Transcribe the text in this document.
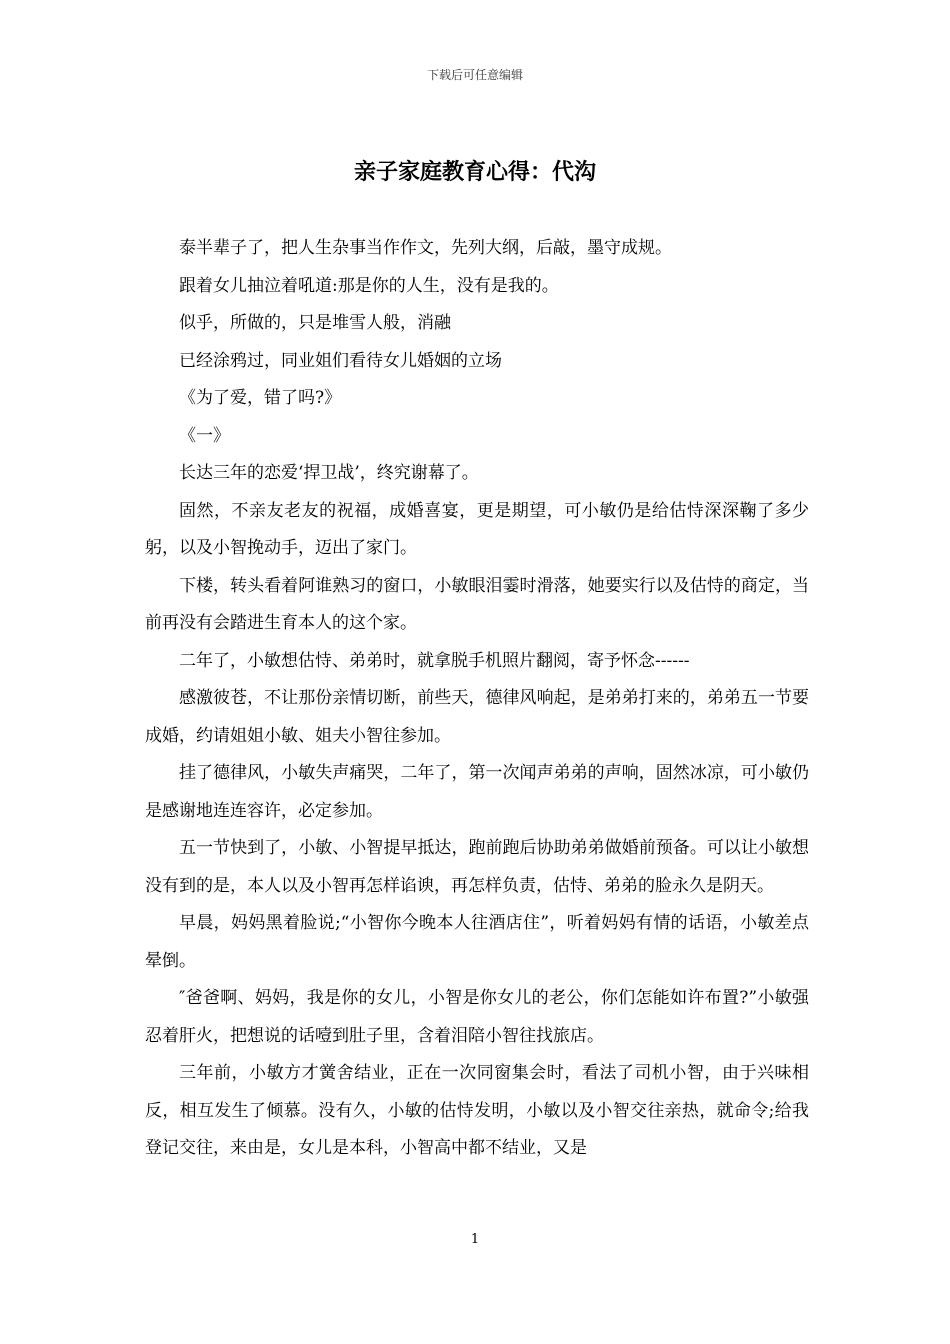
下载后可任意编辑
亲子家庭教育心得：代沟

泰半辈子了，把人生杂事当作作文，先列大纲，后敲，墨守成规。

跟着女儿抽泣着吼道:那是你的人生，没有是我的。

似乎，所做的，只是堆雪人般，消融

已经涂鸦过，同业姐们看待女儿婚姻的立场

《为了爱，错了吗?》

《一》

长达三年的恋爱‘捍卫战’，终究谢幕了。

固然，不亲友老友的祝福，成婚喜宴，更是期望，可小敏仍是给估恃深深鞠了多少躬，以及小智挽动手，迈出了家门。

下楼，转头看着阿谁熟习的窗口，小敏眼泪霎时滑落，她要实行以及估恃的商定，当前再没有会踏进生育本人的这个家。

二年了，小敏想估恃、弟弟时，就拿脱手机照片翻阅，寄予怀念------

感激彼苍，不让那份亲情切断，前些天，德律风响起，是弟弟打来的，弟弟五一节要成婚，约请姐姐小敏、姐夫小智往参加。

挂了德律风，小敏失声痛哭，二年了，第一次闻声弟弟的声响，固然冰凉，可小敏仍是感谢地连连容许，必定参加。

五一节快到了，小敏、小智提早抵达，跑前跑后协助弟弟做婚前预备。可以让小敏想没有到的是，本人以及小智再怎样谄谀，再怎样负责，估恃、弟弟的脸永久是阴天。

早晨，妈妈黑着脸说;“小智你今晚本人往酒店住”，听着妈妈有情的话语，小敏差点晕倒。

″爸爸啊、妈妈，我是你的女儿，小智是你女儿的老公，你们怎能如许布置?”小敏强忍着肝火，把想说的话噎到肚子里，含着泪陪小智往找旅店。

三年前，小敏方才黉舍结业，正在一次同窗集会时，看法了司机小智，由于兴味相反，相互发生了倾慕。没有久，小敏的估恃发明，小敏以及小智交往亲热，就命令;给我登记交往，来由是，女儿是本科，小智高中都不结业，又是

1
